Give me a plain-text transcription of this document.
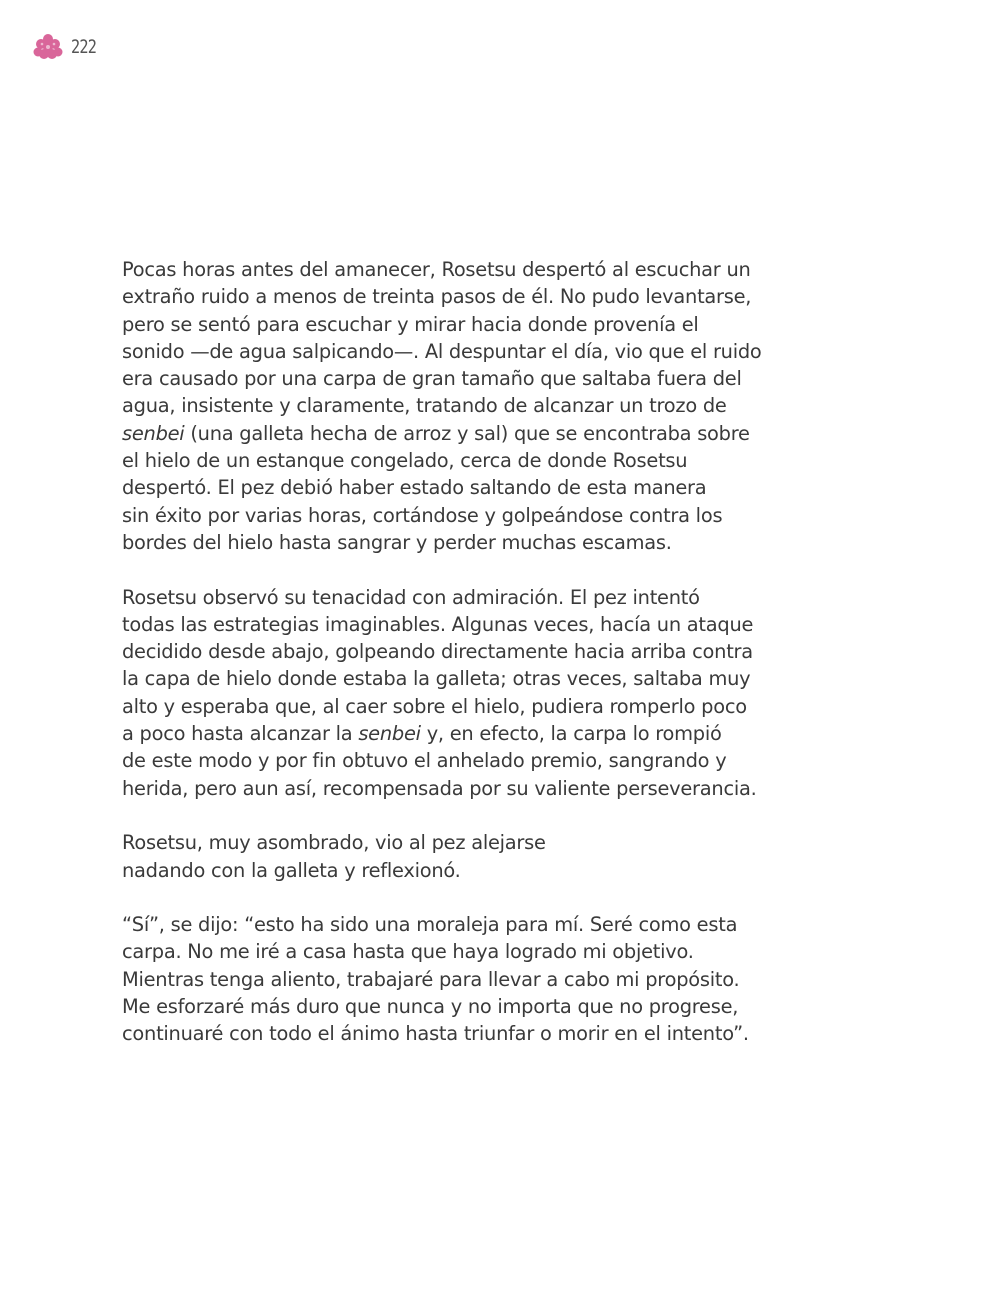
222

Pocas horas antes del amanecer, Rosetsu despertó al escuchar un

extraño ruido a menos de treinta pasos de él. No pudo levantarse,

pero se sentó para escuchar y mirar hacia donde provenía el

sonido —de agua salpicando—. Al despuntar el día, vio que el ruido

era causado por una carpa de gran tamaño que saltaba fuera del

agua, insistente y claramente, tratando de alcanzar un trozo de

senbei (una galleta hecha de arroz y sal) que se encontraba sobre

el hielo de un estanque congelado, cerca de donde Rosetsu

despertó. El pez debió haber estado saltando de esta manera

sin éxito por varias horas, cortándose y golpeándose contra los

bordes del hielo hasta sangrar y perder muchas escamas.

Rosetsu observó su tenacidad con admiración. El pez intentó

todas las estrategias imaginables. Algunas veces, hacía un ataque

decidido desde abajo, golpeando directamente hacia arriba contra

la capa de hielo donde estaba la galleta; otras veces, saltaba muy

alto y esperaba que, al caer sobre el hielo, pudiera romperlo poco

a poco hasta alcanzar la senbei y, en efecto, la carpa lo rompió

de este modo y por fin obtuvo el anhelado premio, sangrando y

herida, pero aun así, recompensada por su valiente perseverancia.

Rosetsu, muy asombrado, vio al pez alejarse

nadando con la galleta y reflexionó.

“Sí”, se dijo: “esto ha sido una moraleja para mí. Seré como esta

carpa. No me iré a casa hasta que haya logrado mi objetivo.

Mientras tenga aliento, trabajaré para llevar a cabo mi propósito.

Me esforzaré más duro que nunca y no importa que no progrese,

continuaré con todo el ánimo hasta triunfar o morir en el intento”.
